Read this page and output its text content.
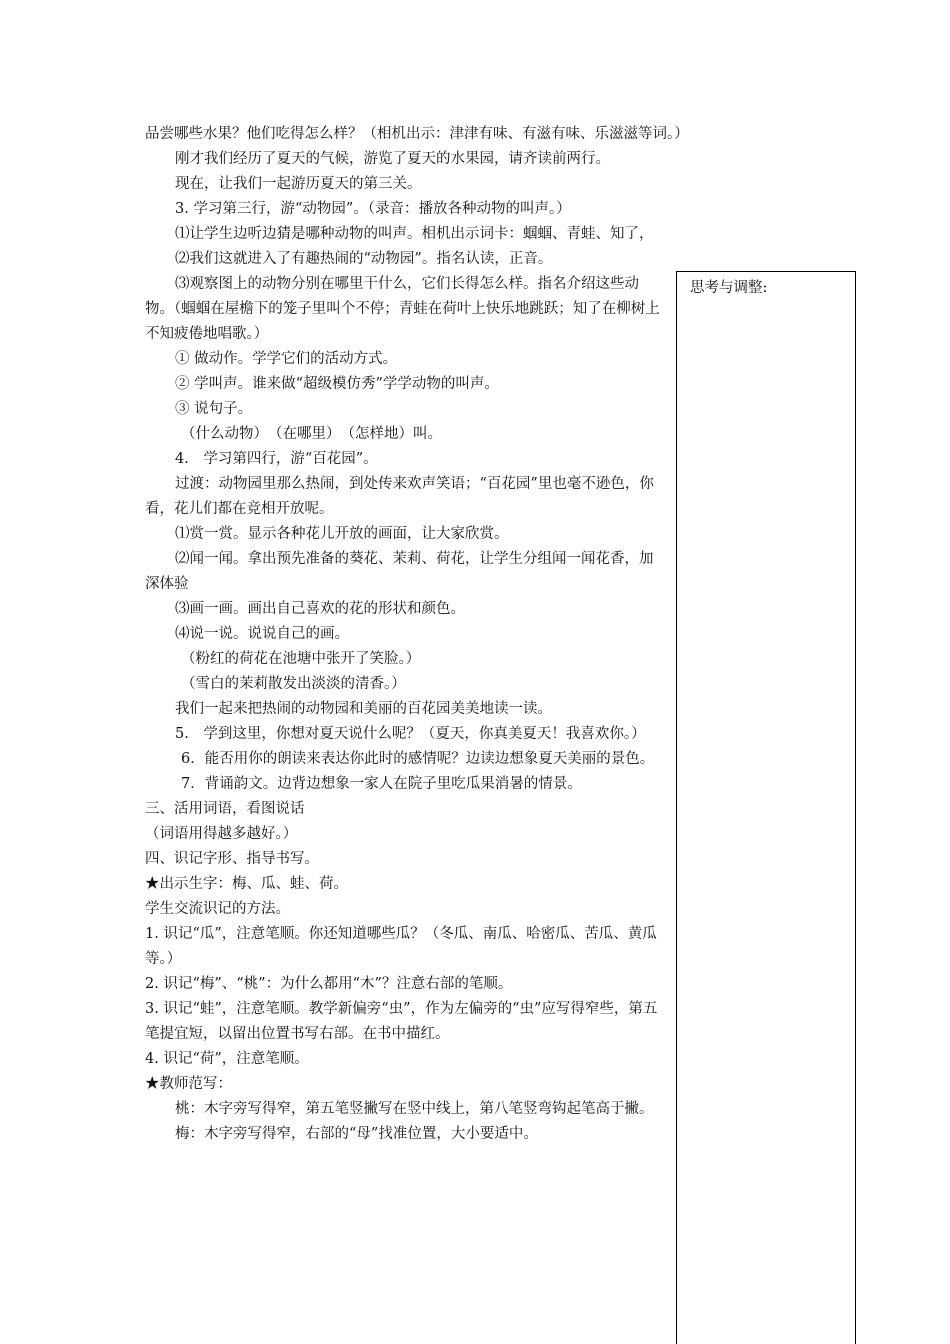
品尝哪些水果？他们吃得怎么样？（相机出示：津津有味、有滋有味、乐滋滋等词。）

刚才我们经历了夏天的气候，游览了夏天的水果园，请齐读前两行。

现在，让我们一起游历夏天的第三关。

3. 学习第三行，游“动物园”。（录音：播放各种动物的叫声。）

⑴让学生边听边猜是哪种动物的叫声。相机出示词卡：蝈蝈、青蛙、知了，

⑵我们这就进入了有趣热闹的“动物园”。指名认读，正音。

⑶观察图上的动物分别在哪里干什么，它们长得怎么样。指名介绍这些动物。（蝈蝈在屋檐下的笼子里叫个不停；青蛙在荷叶上快乐地跳跃；知了在柳树上不知疲倦地唱歌。）

① 做动作。学学它们的活动方式。

② 学叫声。谁来做“超级模仿秀”学学动物的叫声。

③ 说句子。

（什么动物）　（在哪里）　（怎样地）叫。

4.　学习第四行，游“百花园”。

过渡：动物园里那么热闹，到处传来欢声笑语；“百花园”里也毫不逊色，你看，花儿们都在竞相开放呢。

⑴赏一赏。显示各种花儿开放的画面，让大家欣赏。

⑵闻一闻。拿出预先准备的葵花、茉莉、荷花，让学生分组闻一闻花香，加深体验

⑶画一画。画出自己喜欢的花的形状和颜色。

⑷说一说。说说自己的画。

（粉红的荷花在池塘中张开了笑脸。）

（雪白的茉莉散发出淡淡的清香。）

我们一起来把热闹的动物园和美丽的百花园美美地读一读。

5.　学到这里，你想对夏天说什么呢？（夏天，你真美夏天！我喜欢你。）

6．能否用你的朗读来表达你此时的感情呢？边读边想象夏天美丽的景色。

7．背诵韵文。边背边想象一家人在院子里吃瓜果消暑的情景。

三、活用词语，看图说话

（词语用得越多越好。）

四、识记字形、指导书写。

★出示生字：梅、瓜、蛙、荷。

学生交流识记的方法。

1. 识记“瓜”，注意笔顺。你还知道哪些瓜？（冬瓜、南瓜、哈密瓜、苦瓜、黄瓜等。）

2. 识记“梅”、“桃”：为什么都用“木”？注意右部的笔顺。

3. 识记“蛙”，注意笔顺。教学新偏旁“虫”，作为左偏旁的“虫”应写得窄些，第五笔提宜短，以留出位置书写右部。在书中描红。

4. 识记“荷”，注意笔顺。

★教师范写：

桃：木字旁写得窄，第五笔竖撇写在竖中线上，第八笔竖弯钩起笔高于撇。

梅：木字旁写得窄，右部的“母”找准位置，大小要适中。

思考与调整:
